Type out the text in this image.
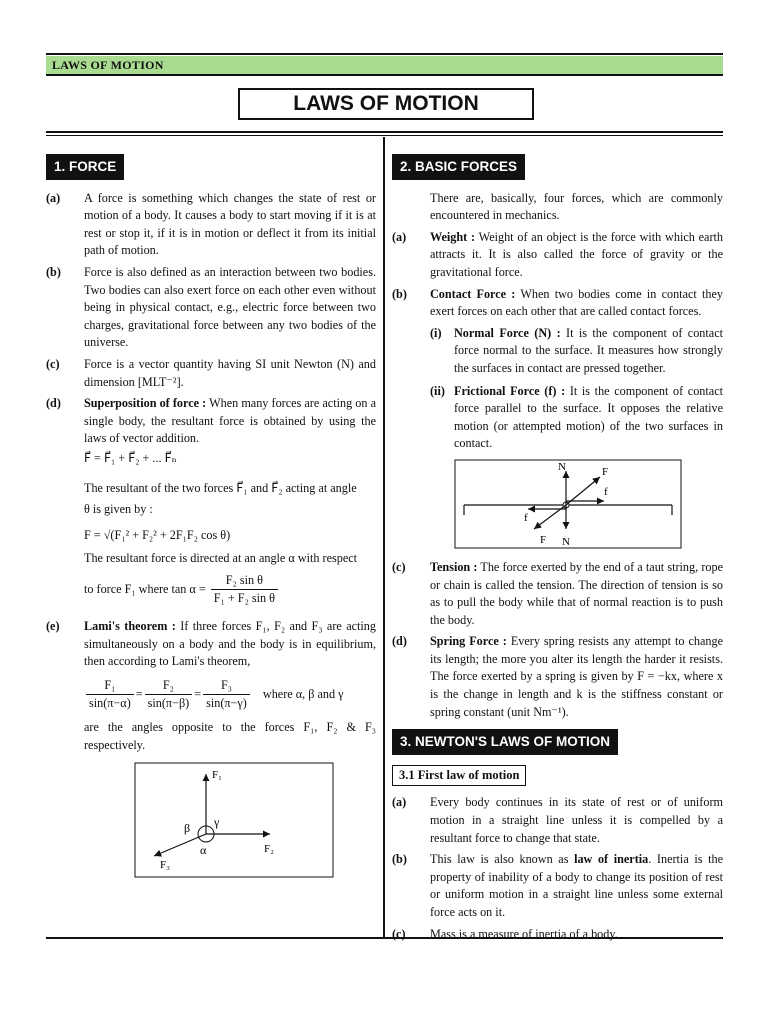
LAWS OF MOTION
LAWS OF MOTION
1. FORCE
(a)	A force is something which changes the state of rest or motion of a body. It causes a body to start moving if it is at rest or stop it, if it is in motion or deflect it from its initial path of motion.
(b)	Force is also defined as an interaction between two bodies. Two bodies can also exert force on each other even without being in physical contact, e.g., electric force between two charges, gravitational force between any two bodies of the universe.
(c)	Force is a vector quantity having SI unit Newton (N) and dimension [MLT⁻²].
(d)	Superposition of force : When many forces are acting on a single body, the resultant force is obtained by using the laws of vector addition.
F⃗ = F⃗₁ + F⃗₂ + ... F⃗ₙ
The resultant of the two forces F⃗₁ and F⃗₂ acting at angle
θ is given by :
F = √(F₁² + F₂² + 2F₁F₂ cos θ)
The resultant force is directed at an angle α with respect
to force F₁ where $\tan \alpha = \frac{\text{F₂ sin θ}}{\text{F₁ + F₂ sin θ}}$
(e)	Lami's theorem : If three forces F₁, F₂ and F₃ are acting simultaneously on a body and the body is in equilibrium, then according to Lami's theorem,
$\frac{\text{F₁}}{\sin(\pi-\alpha)} = \frac{\text{F₂}}{\sin(\pi-\beta)} = \frac{\text{F₃}}{\sin(\pi-\gamma)}$ where α, β and γ
are the angles opposite to the forces F₁, F₂ & F₃ respectively.
F₁
F₂
F₃
α
β γ
2. BASIC FORCES
There are, basically, four forces, which are commonly encountered in mechanics.
(a)	Weight : Weight of an object is the force with which earth attracts it. It is also called the force of gravity or the gravitational force.
(b)	Contact Force : When two bodies come in contact they exert forces on each other that are called contact forces.
(i)	Normal Force (N) : It is the component of contact force normal to the surface. It measures how strongly the surfaces in contact are pressed together.
(ii) Frictional Force (f) : It is the component of contact force parallel to the surface. It opposes the relative motion (or attempted motion) of the two surfaces in contact.
N	F
f
f
F N
(c)	Tension : The force exerted by the end of a taut string, rope or chain is called the tension. The direction of tension is so as to pull the body while that of normal reaction is to push the body.
(d)	Spring Force : Every spring resists any attempt to change its length; the more you alter its length the harder it resists. The force exerted by a spring is given by F = −kx, where x is the change in length and k is the stiffness constant or spring constant (unit Nm⁻¹).
3. NEWTON'S LAWS OF MOTION
3.1 First law of motion
(a)	Every body continues in its state of rest or of uniform motion in a straight line unless it is compelled by a resultant force to change that state.
(b)	This law is also known as law of inertia. Inertia is the property of inability of a body to change its position of rest or uniform motion in a straight line unless some external force acts on it.
(c)	Mass is a measure of inertia of a body.
